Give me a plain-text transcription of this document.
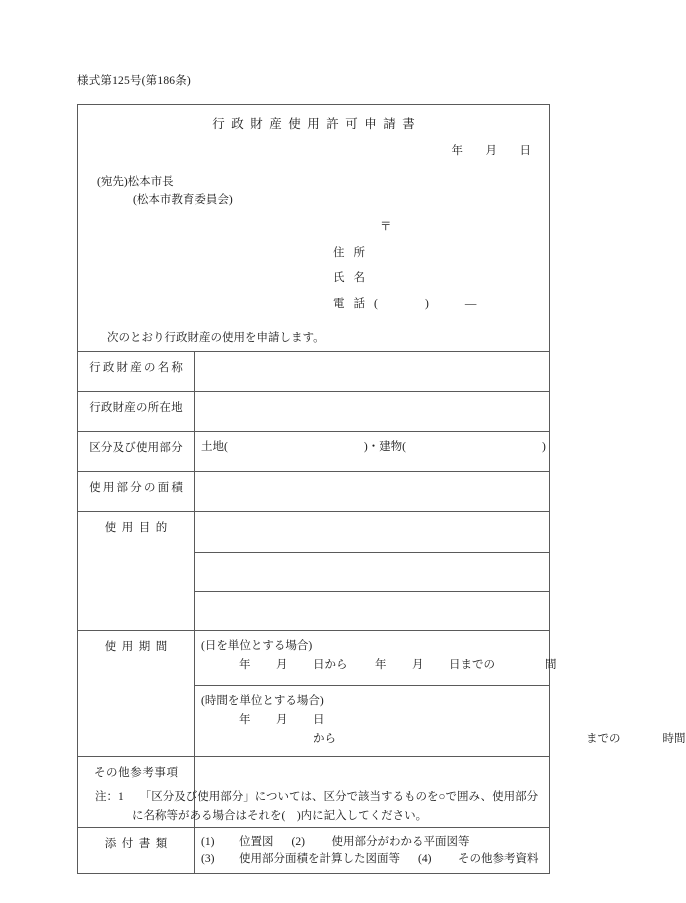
様式第125号(第186条)
行政財産使用許可申請書
年 月 日
(宛先)松本市長
(松本市教育委員会)
〒
住所
氏名
電話(	)	—
次のとおり行政財産の使用を申請します。
行政財産の名称	
行政財産の所在地	
区分及び使用部分	土地( )・建物( )
使用部分の面積	
使用目的	

使用期間	(日を単位とする場合)
年 月 日から 年 月 日までの 間

	(時間を単位とする場合)
年 月 日
から までの 時間

その他参考事項	
添付書類	(1) 位置図 (2) 使用部分がわかる平面図等
(3) 使用部分面積を計算した図面等 (4) その他参考資料
注：1 「区分及び使用部分」については、区分で該当するものを○で囲み、使用部分
に名称等がある場合はそれを(　)内に記入してください。
